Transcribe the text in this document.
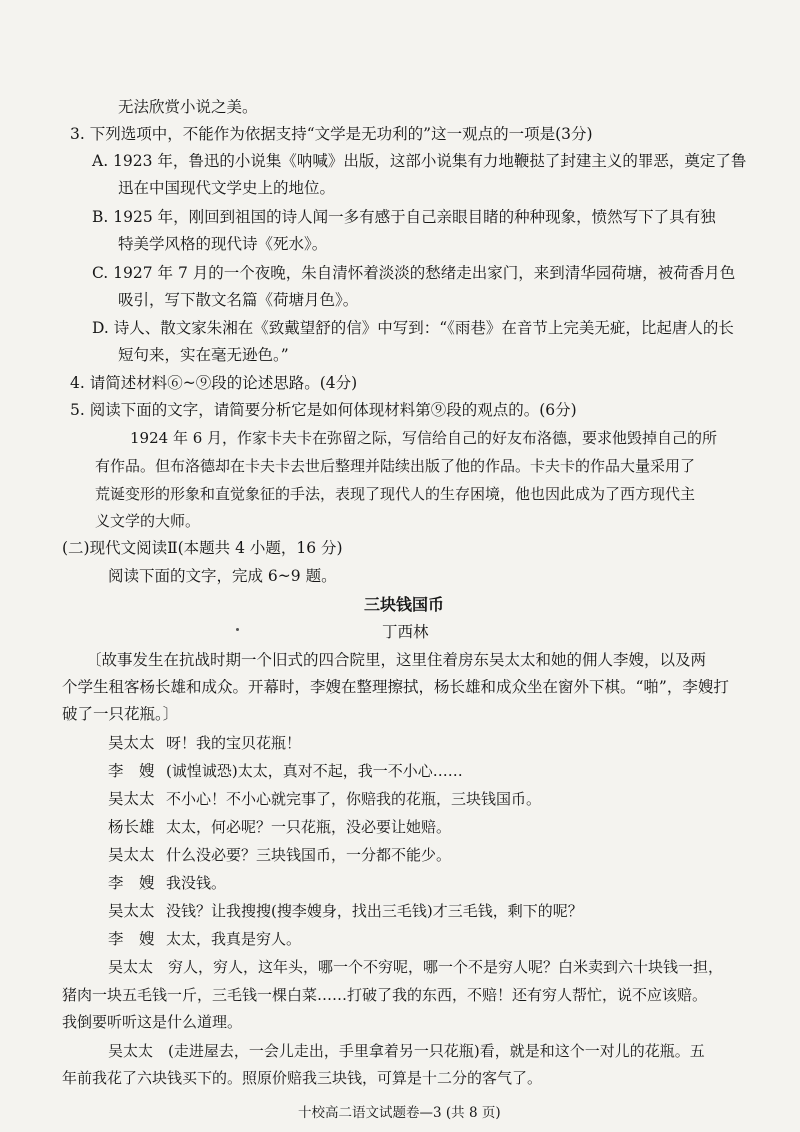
无法欣赏小说之美。
3. 下列选项中，不能作为依据支持“文学是无功利的”这一观点的一项是(3分)
A. 1923 年，鲁迅的小说集《呐喊》出版，这部小说集有力地鞭挞了封建主义的罪恶，奠定了鲁
迅在中国现代文学史上的地位。
B. 1925 年，刚回到祖国的诗人闻一多有感于自己亲眼目睹的种种现象，愤然写下了具有独
特美学风格的现代诗《死水》。
C. 1927 年 7 月的一个夜晚，朱自清怀着淡淡的愁绪走出家门，来到清华园荷塘，被荷香月色
吸引，写下散文名篇《荷塘月色》。
D. 诗人、散文家朱湘在《致戴望舒的信》中写到：“《雨巷》在音节上完美无疵，比起唐人的长
短句来，实在毫无逊色。”
4. 请简述材料⑥~⑨段的论述思路。(4分)
5. 阅读下面的文字，请简要分析它是如何体现材料第⑨段的观点的。(6分)
1924 年 6 月，作家卡夫卡在弥留之际，写信给自己的好友布洛德，要求他毁掉自己的所
有作品。但布洛德却在卡夫卡去世后整理并陆续出版了他的作品。卡夫卡的作品大量采用了
荒诞变形的形象和直觉象征的手法，表现了现代人的生存困境，他也因此成为了西方现代主
义文学的大师。
(二)现代文阅读Ⅱ(本题共 4 小题，16 分)
阅读下面的文字，完成 6~9 题。
三块钱国币
丁西林
〔故事发生在抗战时期一个旧式的四合院里，这里住着房东吴太太和她的佣人李嫂，以及两
个学生租客杨长雄和成众。开幕时，李嫂在整理擦拭，杨长雄和成众坐在窗外下棋。“啪”，李嫂打
破了一只花瓶。〕
吴太太 呀！我的宝贝花瓶！
李　嫂 (诚惶诚恐)太太，真对不起，我一不小心……
吴太太 不小心！不小心就完事了，你赔我的花瓶，三块钱国币。
杨长雄 太太，何必呢？一只花瓶，没必要让她赔。
吴太太 什么没必要？三块钱国币，一分都不能少。
李　嫂 我没钱。
吴太太 没钱？让我搜搜(搜李嫂身，找出三毛钱)才三毛钱，剩下的呢？
李　嫂 太太，我真是穷人。
吴太太　穷人，穷人，这年头，哪一个不穷呢，哪一个不是穷人呢？白米卖到六十块钱一担，
猪肉一块五毛钱一斤，三毛钱一棵白菜……打破了我的东西，不赔！还有穷人帮忙，说不应该赔。
我倒要听听这是什么道理。
吴太太　(走进屋去，一会儿走出，手里拿着另一只花瓶)看，就是和这个一对儿的花瓶。五
年前我花了六块钱买下的。照原价赔我三块钱，可算是十二分的客气了。
十校高二语文试题卷—3 (共 8 页)
